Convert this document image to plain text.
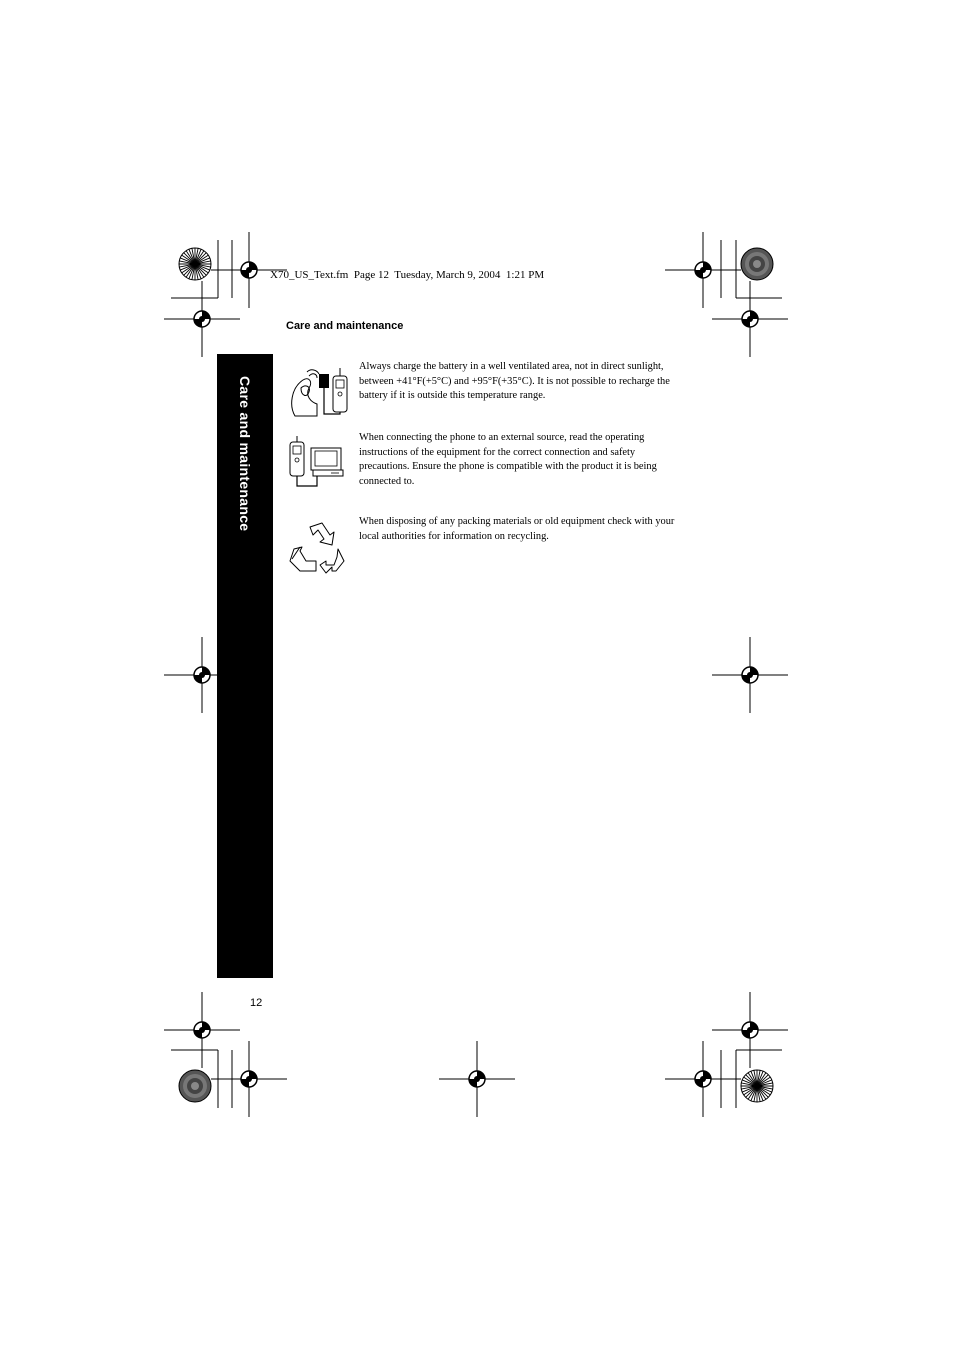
X70_US_Text.fm  Page 12  Tuesday, March 9, 2004  1:21 PM
Care and maintenance
Care and maintenance
Always charge the battery in a well ventilated area, not in direct sunlight, between +41°F(+5°C) and +95°F(+35°C). It is not possible to recharge the battery if it is outside this temperature range.
When connecting the phone to an external source, read the operating instructions of the equipment for the correct connection and safety precautions. Ensure the phone is compatible with the product it is being connected to.
When disposing of any packing materials or old equipment check with your local authorities for information on recycling.
12
